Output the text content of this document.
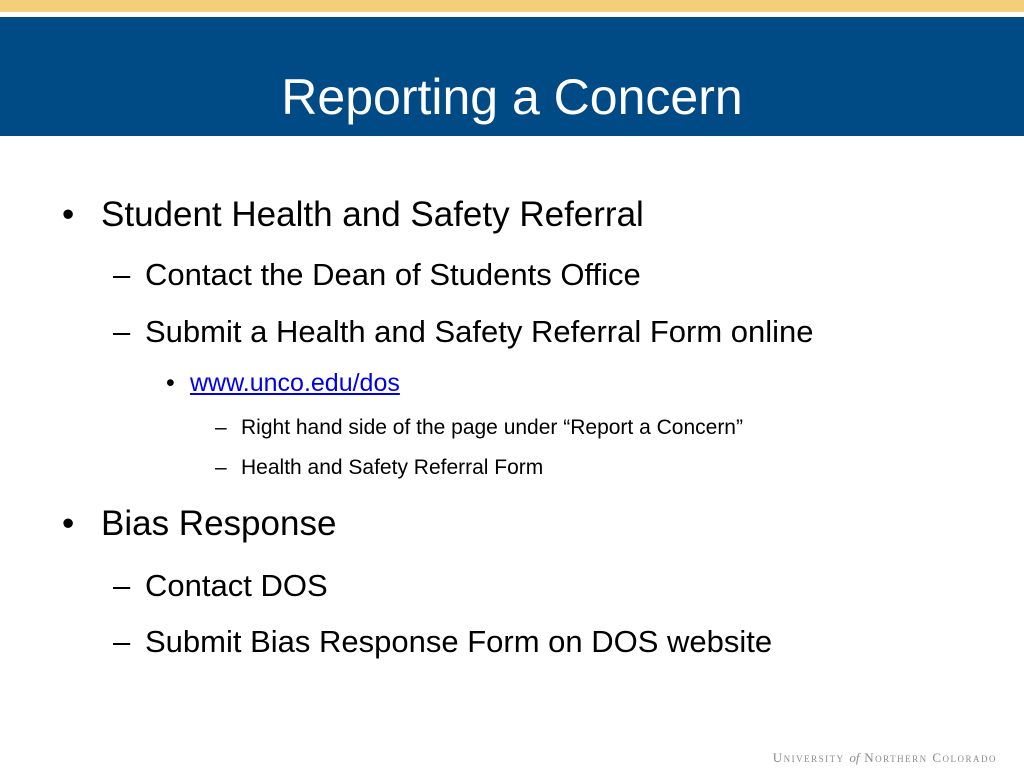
Reporting a Concern
• Student Health and Safety Referral
– Contact the Dean of Students Office
– Submit a Health and Safety Referral Form online
• www.unco.edu/dos
– Right hand side of the page under “Report a Concern”
– Health and Safety Referral Form
• Bias Response
– Contact DOS
– Submit Bias Response Form on DOS website
University of Northern Colorado
